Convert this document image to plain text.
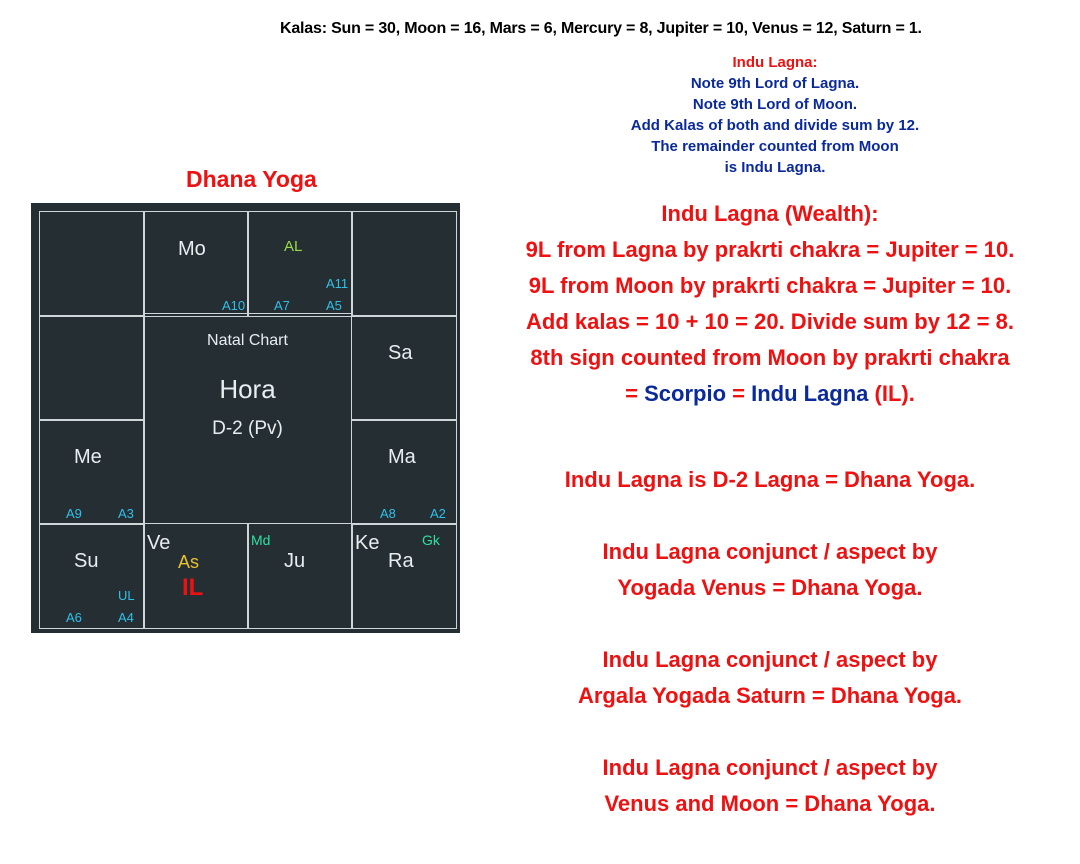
Kalas: Sun = 30, Moon = 16, Mars = 6, Mercury = 8, Jupiter = 10, Venus = 12, Saturn = 1.
Indu Lagna:
Note 9th Lord of Lagna.
Note 9th Lord of Moon.
Add Kalas of both and divide sum by 12.
The remainder counted from Moon
is Indu Lagna.
Dhana Yoga
Mo
A10
AL
A11
A7	A5
Sa
Me
A9	A3
Ma
A8	A2
Su
UL
A6	A4
Ve
As
IL
Md
Ju
Ke	Gk
Ra
Natal Chart
Hora
D-2 (Pv)
Indu Lagna (Wealth):
9L from Lagna by prakrti chakra = Jupiter = 10.
9L from Moon by prakrti chakra = Jupiter = 10.
Add kalas = 10 + 10 = 20. Divide sum by 12 = 8.
8th sign counted from Moon by prakrti chakra
= Scorpio = Indu Lagna (IL).
Indu Lagna is D-2 Lagna = Dhana Yoga.
Indu Lagna conjunct / aspect by
Yogada Venus = Dhana Yoga.
Indu Lagna conjunct / aspect by
Argala Yogada Saturn = Dhana Yoga.
Indu Lagna conjunct / aspect by
Venus and Moon = Dhana Yoga.
